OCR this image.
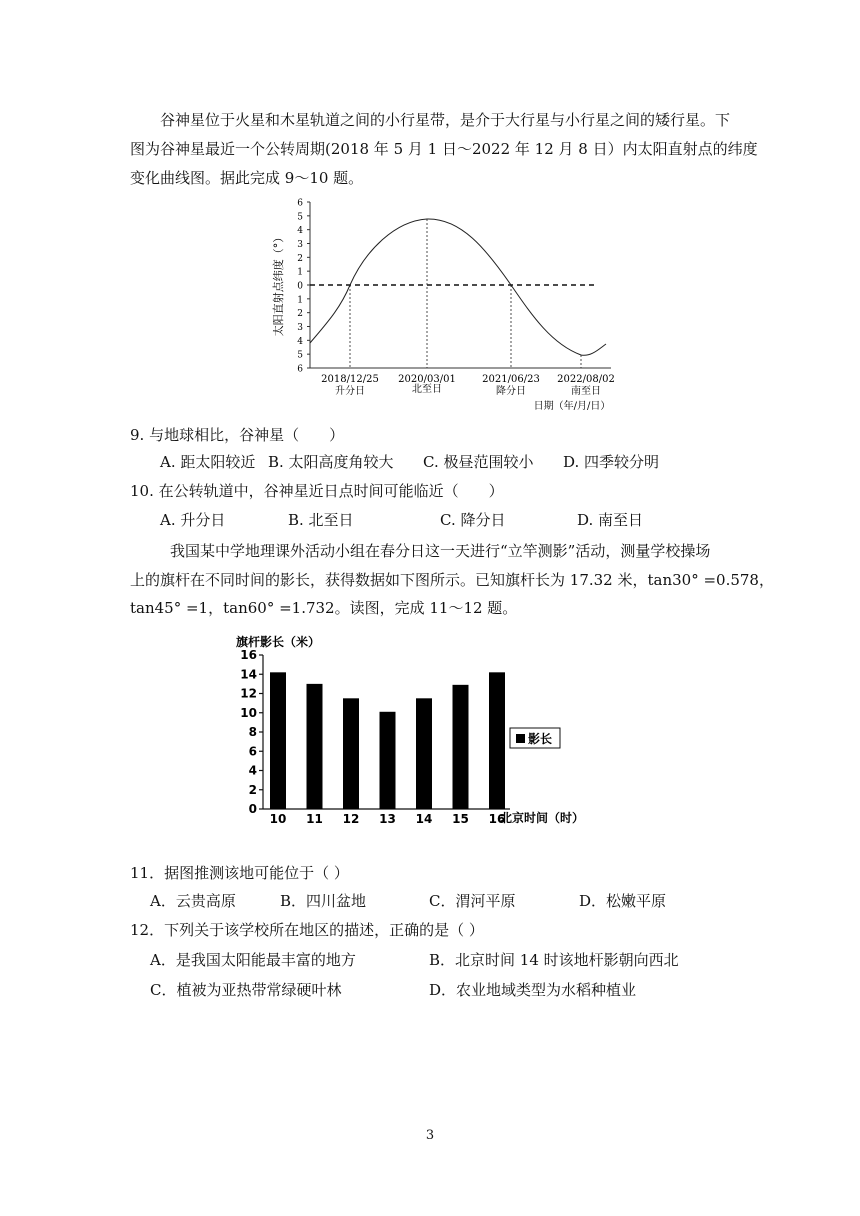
谷神星位于火星和木星轨道之间的小行星带，是介于大行星与小行星之间的矮行星。下
图为谷神星最近一个公转周期(2018 年 5 月 1 日～2022 年 12 月 8 日）内太阳直射点的纬度
变化曲线图。据此完成 9～10 题。
太阳直射点纬度（°）
6
5
4
3
2
1
0
1
2
3
4
5
6
2018/12/25
升分日
2020/03/01
北至日
2021/06/23
降分日
2022/08/02
南至日
日期（年/月/日）
9. 与地球相比，谷神星（　　）
A. 距太阳较近 B. 太阳高度角较大 C. 极昼范围较小 D. 四季较分明
10. 在公转轨道中，谷神星近日点时间可能临近（　　）
A. 升分日	B. 北至日	C. 降分日	D. 南至日
我国某中学地理课外活动小组在春分日这一天进行“立竿测影”活动，测量学校操场
上的旗杆在不同时间的影长，获得数据如下图所示。已知旗杆长为 17.32 米，tan30° =0.578，
tan45° =1，tan60° =1.732。读图，完成 11～12 题。
旗杆影长（米）
0
2
4
6
8
10
12
14
16
10 11 12 13 14 15 16
北京时间（时）
影长
11．据图推测该地可能位于（ ）
A．云贵高原	B．四川盆地	C．渭河平原	D．松嫩平原
12．下列关于该学校所在地区的描述，正确的是（ ）
A．是我国太阳能最丰富的地方	B．北京时间 14 时该地杆影朝向西北
C．植被为亚热带常绿硬叶林	D．农业地域类型为水稻种植业
3
